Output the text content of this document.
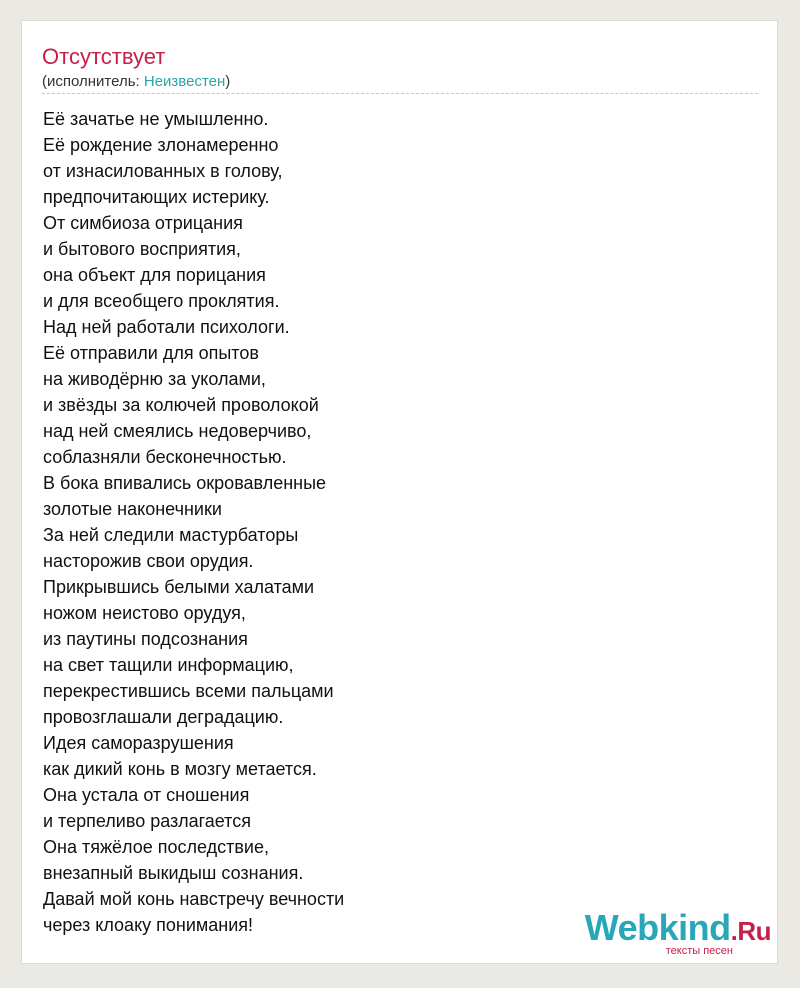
Отсутствует
(исполнитель: Неизвестен)
Её зачатье не умышленно.
Её рождение злонамеренно
от изнасилованных в голову,
предпочитающих истерику.
От симбиоза отрицания
и бытового восприятия,
она объект для порицания
и для всеобщего проклятия.
Над ней работали психологи.
Её отправили для опытов
на живодёрню за уколами,
и звёзды за колючей проволокой
над ней смеялись недоверчиво,
соблазняли бесконечностью.
В бока впивались окровавленные
золотые наконечники
За ней следили мастурбаторы
насторожив свои орудия.
Прикрывшись белыми халатами
ножом неистово орудуя,
из паутины подсознания
на свет тащили информацию,
перекрестившись всеми пальцами
провозглашали деградацию.
Идея саморазрушения
как дикий конь в мозгу метается.
Она устала от сношения
и терпеливо разлагается
Она тяжёлое последствие,
внезапный выкидыш сознания.
Давай мой конь навстречу вечности
через клоаку понимания!	Webkind.Ru
тексты песен
